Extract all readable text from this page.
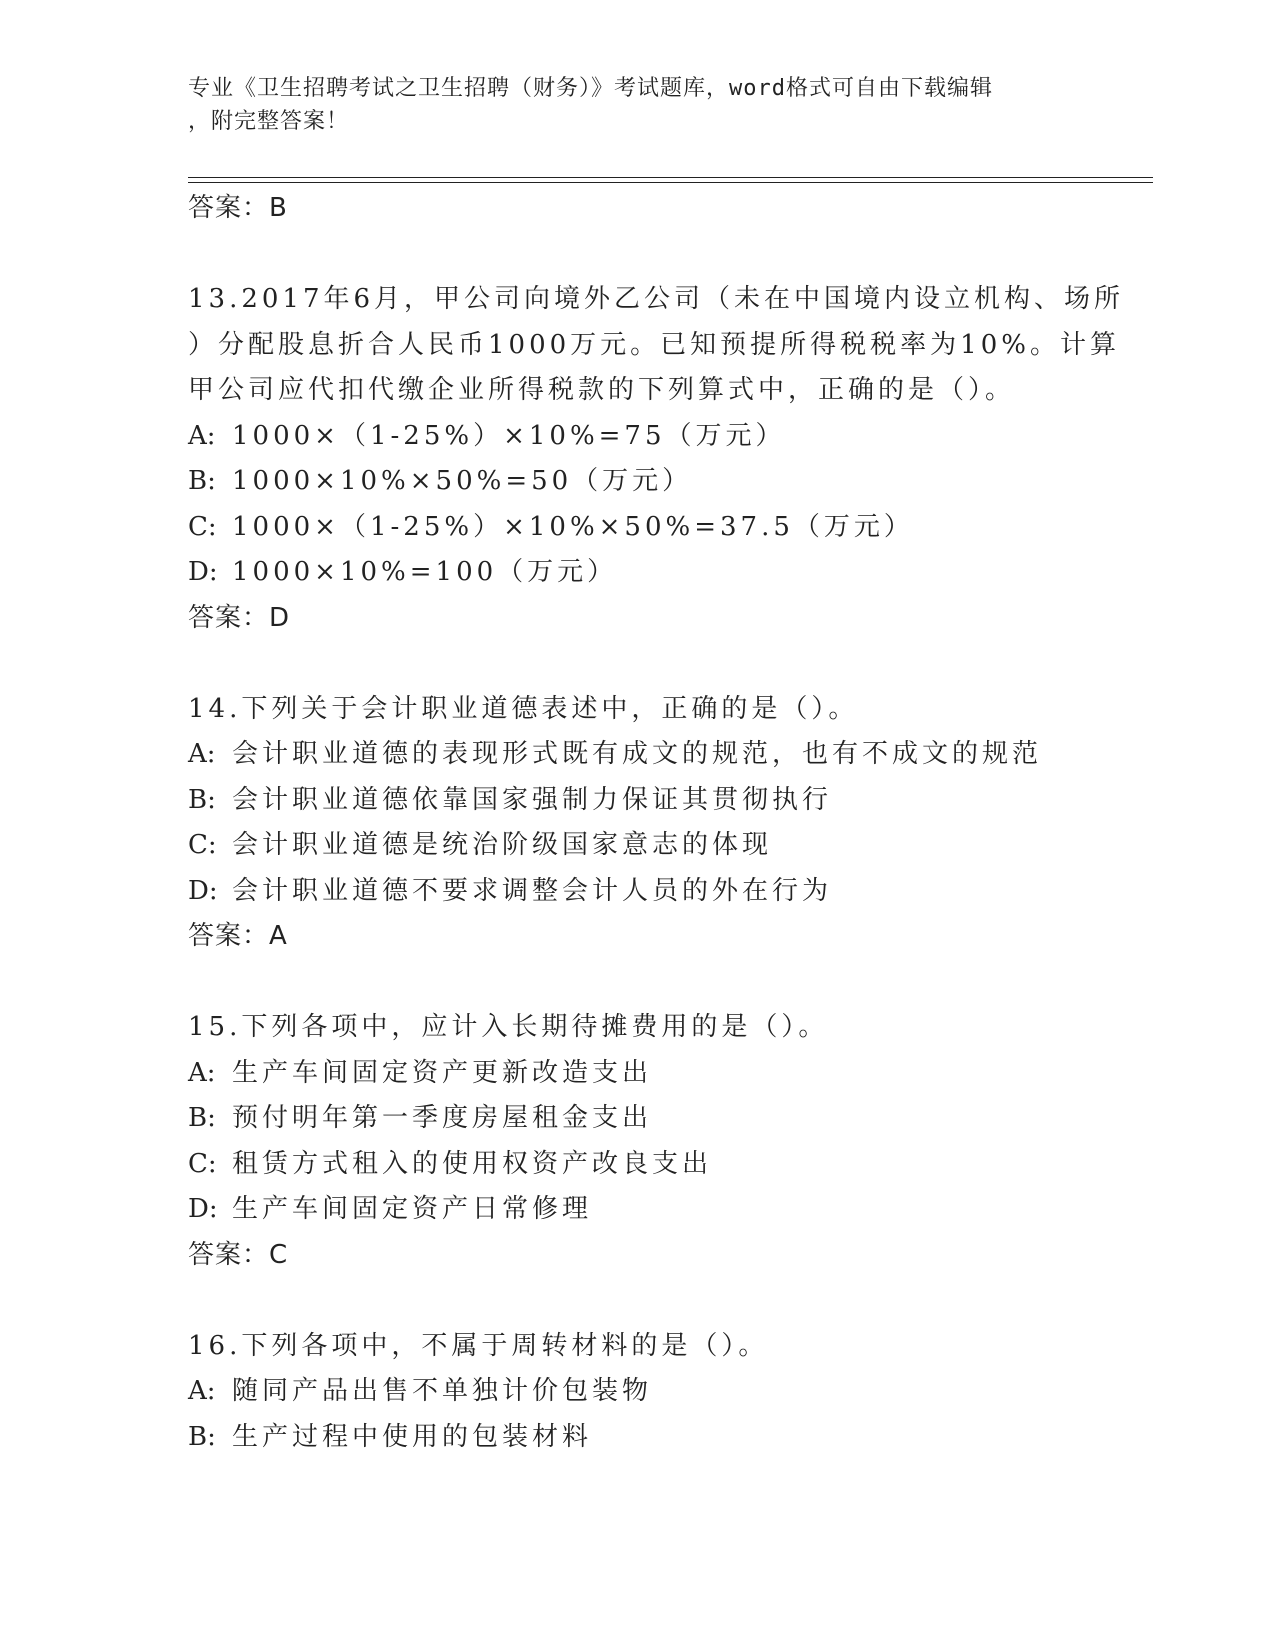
专业《卫生招聘考试之卫生招聘（财务）》考试题库，word格式可自由下载编辑
，附完整答案！
答案：B
13.2017年6月，甲公司向境外乙公司（未在中国境内设立机构、场所
）分配股息折合人民币1000万元。已知预提所得税税率为10%。计算
甲公司应代扣代缴企业所得税款的下列算式中，正确的是（）。
A: 1000×（1-25%）×10%=75（万元）
B: 1000×10%×50%=50（万元）
C: 1000×（1-25%）×10%×50%=37.5（万元）
D: 1000×10%=100（万元）
答案：D
14.下列关于会计职业道德表述中，正确的是（）。
A: 会计职业道德的表现形式既有成文的规范，也有不成文的规范
B: 会计职业道德依靠国家强制力保证其贯彻执行
C: 会计职业道德是统治阶级国家意志的体现
D: 会计职业道德不要求调整会计人员的外在行为
答案：A
15.下列各项中，应计入长期待摊费用的是（）。
A: 生产车间固定资产更新改造支出
B: 预付明年第一季度房屋租金支出
C: 租赁方式租入的使用权资产改良支出
D: 生产车间固定资产日常修理
答案：C
16.下列各项中，不属于周转材料的是（）。
A: 随同产品出售不单独计价包装物
B: 生产过程中使用的包装材料
